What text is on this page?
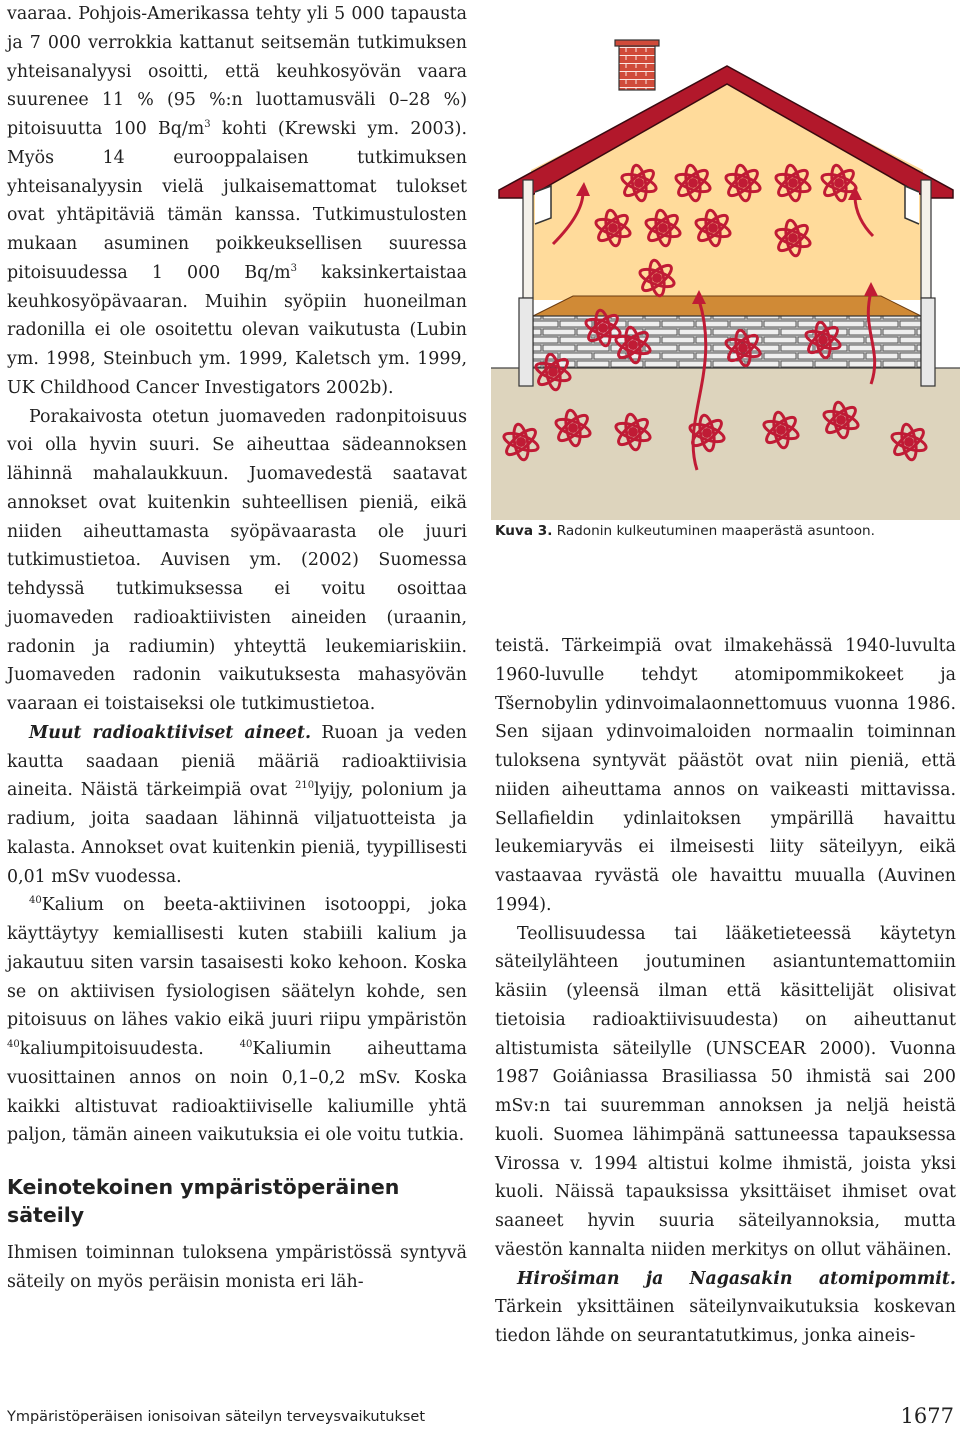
vaaraa. Pohjois-Amerikassa tehty yli 5 000 tapausta ja 7 000 verrokkia kattanut seitsemän tutkimuksen yhteisanalyysi osoitti, että keuhkosyövän vaara suurenee 11 % (95 %:n luottamusväli 0–28 %) pitoisuutta 100 $Bq/m^3$ kohti (Krewski ym. 2003). Myös 14 eurooppalaisen tutkimuksen yhteisanalyysin vielä julkaisemattomat tulokset ovat yhtäpitäviä tämän kanssa. Tutkimustulosten mukaan asuminen poikkeuksellisen suuressa pitoisuudessa 1 000 $Bq/m^3$ kaksinkertaistaa keuhkosyöpävaaran. Muihin syöpiin huoneilman radonilla ei ole osoitettu olevan vaikutusta (Lubin ym. 1998, Steinbuch ym. 1999, Kaletsch ym. 1999, UK Childhood Cancer Investigators 2002b).

Porakaivosta otetun juomaveden radonpitoisuus voi olla hyvin suuri. Se aiheuttaa sädeannoksen lähinnä mahalaukkuun. Juomavedestä saatavat annokset ovat kuitenkin suhteellisen pieniä, eikä niiden aiheuttamasta syöpävaarasta ole juuri tutkimustietoa. Auvisen ym. (2002) Suomessa tehdyssä tutkimuksessa ei voitu osoittaa juomaveden radioaktiivisten aineiden (uraanin, radonin ja radiumin) yhteyttä leukemiariskiin. Juomaveden radonin vaikutuksesta mahasyövän vaaraan ei toistaiseksi ole tutkimustietoa.

Muut radioaktiiviset aineet. Ruoan ja veden kautta saadaan pieniä määriä radioaktiivisia aineita. Näistä tärkeimpiä ovat $^{210}$lyijy, polonium ja radium, joita saadaan lähinnä viljatuotteista ja kalasta. Annokset ovat kuitenkin pieniä, tyypillisesti 0,01 mSv vuodessa.

$^{40}$Kalium on beeta-aktiivinen isotooppi, joka käyttäytyy kemiallisesti kuten stabiili kalium ja jakautuu siten varsin tasaisesti koko kehoon. Koska se on aktiivisen fysiologisen säätelyn kohde, sen pitoisuus on lähes vakio eikä juuri riipu ympäristön $^{40}$kaliumpitoisuudesta. $^{40}$Kaliumin aiheuttama vuosittainen annos on noin 0,1–0,2 mSv. Koska kaikki altistuvat radioaktiiviselle kaliumille yhtä paljon, tämän aineen vaikutuksia ei ole voitu tutkia.

Keinotekoinen ympäristöperäinen säteily

Ihmisen toiminnan tuloksena ympäristössä syntyvä säteily on myös peräisin monista eri läh-

Kuva 3. Radonin kulkeutuminen maaperästä asuntoon.

teistä. Tärkeimpiä ovat ilmakehässä 1940-luvulta 1960-luvulle tehdyt atomipommikokeet ja Tšernobylin ydinvoimalaonnettomuus vuonna 1986. Sen sijaan ydinvoimaloiden normaalin toiminnan tuloksena syntyvät päästöt ovat niin pieniä, että niiden aiheuttama annos on vaikeasti mittavissa. Sellafieldin ydinlaitoksen ympärillä havaittu leukemiaryväs ei ilmeisesti liity säteilyyn, eikä vastaavaa ryvästä ole havaittu muualla (Auvinen 1994).

Teollisuudessa tai lääketieteessä käytetyn säteilylähteen joutuminen asiantuntemattomiin käsiin (yleensä ilman että käsittelijät olisivat tietoisia radioaktiivisuudesta) on aiheuttanut altistumista säteilylle (UNSCEAR 2000). Vuonna 1987 Goiâniassa Brasiliassa 50 ihmistä sai 200 mSv:n tai suuremman annoksen ja neljä heistä kuoli. Suomea lähimpänä sattuneessa tapauksessa Virossa v. 1994 altistui kolme ihmistä, joista yksi kuoli. Näissä tapauksissa yksittäiset ihmiset ovat saaneet hyvin suuria säteilyannoksia, mutta väestön kannalta niiden merkitys on ollut vähäinen.

Hirošiman ja Nagasakin atomipommit. Tärkein yksittäinen säteilynvaikutuksia koskevan tiedon lähde on seurantatutkimus, jonka aineis-

Ympäristöperäisen ionisoivan säteilyn terveysvaikutukset	1677
